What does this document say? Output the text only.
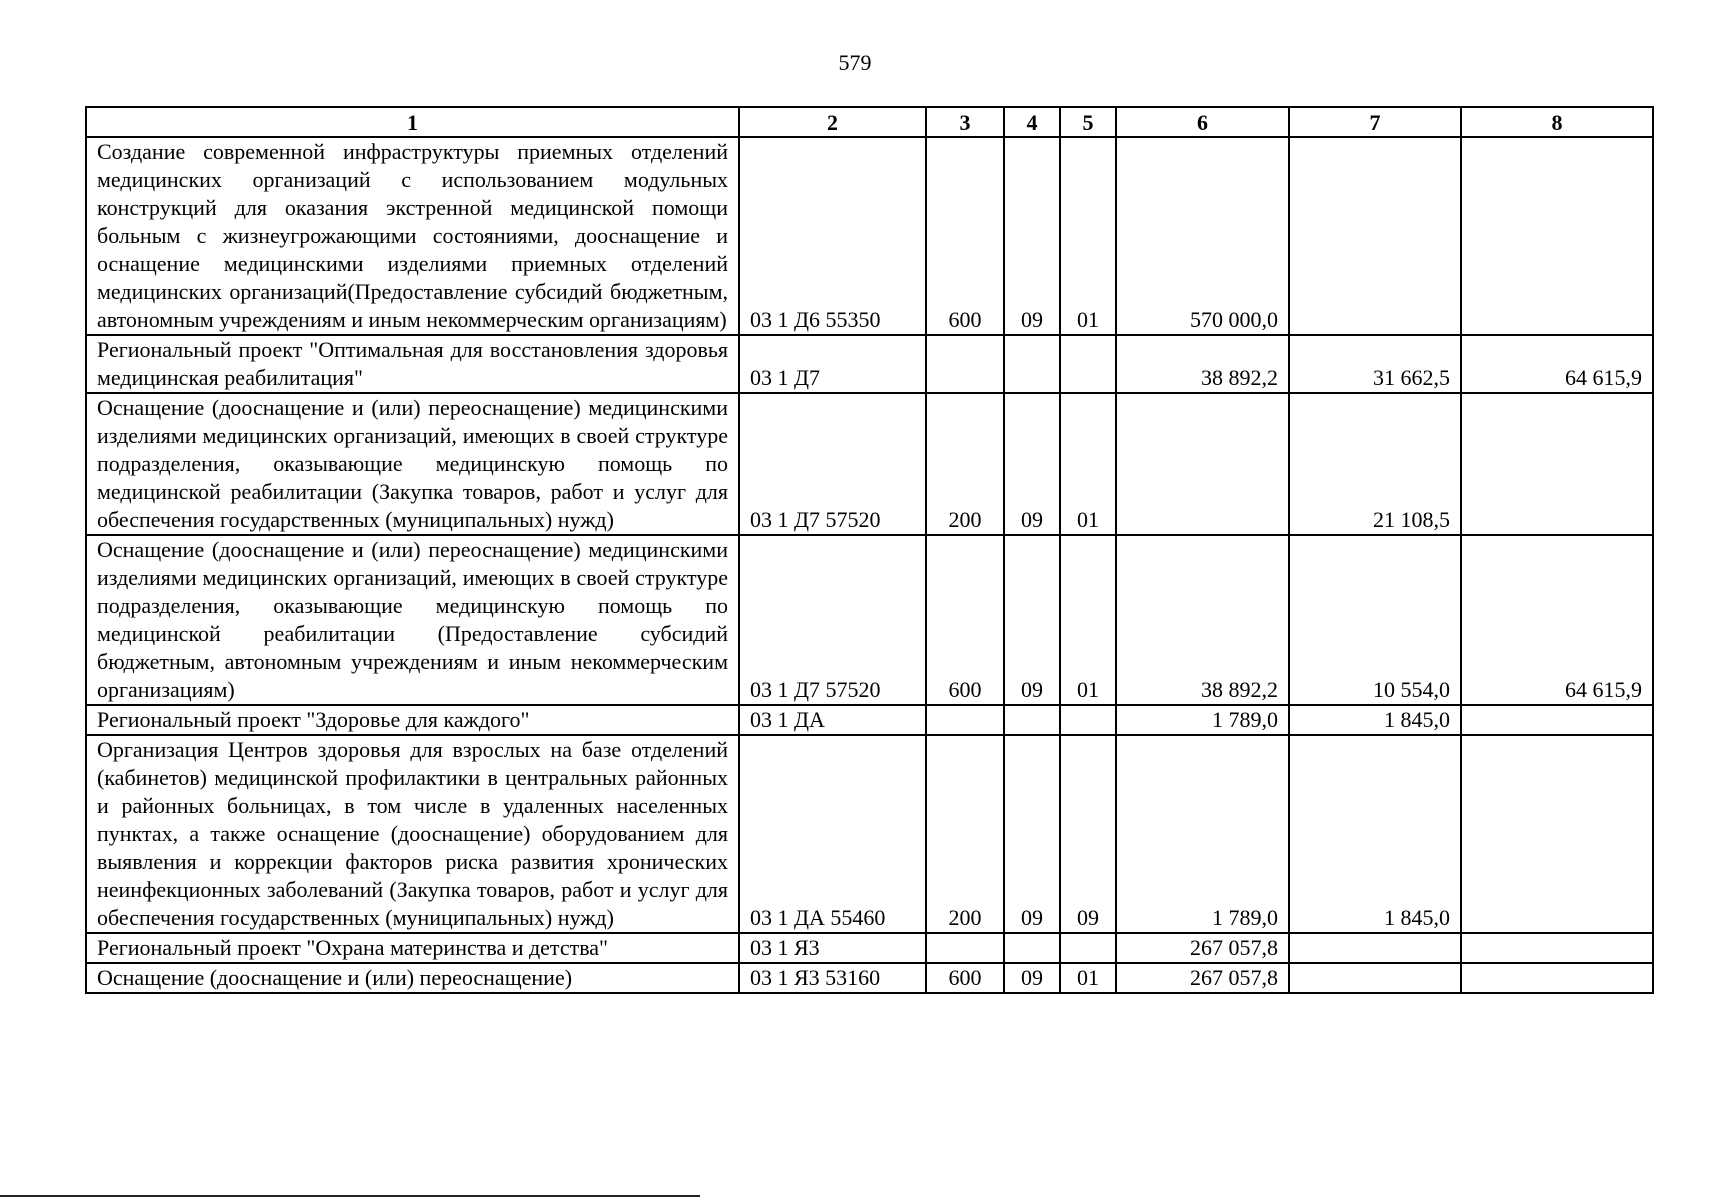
579
1	2	3	4	5	6	7	8
Создание современной инфраструктуры приемных отделений медицинских организаций с использованием модульных конструкций для оказания экстренной медицинской помощи больным с жизнеугрожающими состояниями, дооснащение и оснащение медицинскими изделиями приемных отделений медицинских организаций(Предоставление субсидий бюджетным, автономным учреждениям и иным некоммерческим организациям)	03 1 Д6 55350	600	09	01	570 000,0		
Региональный проект "Оптимальная для восстановления здоровья медицинская реабилитация"	03 1 Д7				38 892,2	31 662,5	64 615,9
Оснащение (дооснащение и (или) переоснащение) медицинскими изделиями медицинских организаций, имеющих в своей структуре подразделения, оказывающие медицинскую помощь по медицинской реабилитации (Закупка товаров, работ и услуг для обеспечения государственных (муниципальных) нужд)	03 1 Д7 57520	200	09	01		21 108,5	
Оснащение (дооснащение и (или) переоснащение) медицинскими изделиями медицинских организаций, имеющих в своей структуре подразделения, оказывающие медицинскую помощь по медицинской реабилитации (Предоставление субсидий бюджетным, автономным учреждениям и иным некоммерческим организациям)	03 1 Д7 57520	600	09	01	38 892,2	10 554,0	64 615,9
Региональный проект "Здоровье для каждого"	03 1 ДА				1 789,0	1 845,0	
Организация Центров здоровья для взрослых на базе отделений (кабинетов) медицинской профилактики в центральных районных и районных больницах, в том числе в удаленных населенных пунктах, а также оснащение (дооснащение) оборудованием для выявления и коррекции факторов риска развития хронических неинфекционных заболеваний (Закупка товаров, работ и услуг для обеспечения государственных (муниципальных) нужд)	03 1 ДА 55460	200	09	09	1 789,0	1 845,0	
Региональный проект "Охрана материнства и детства"	03 1 Я3				267 057,8		
Оснащение (дооснащение и (или) переоснащение)	03 1 Я3 53160	600	09	01	267 057,8		
